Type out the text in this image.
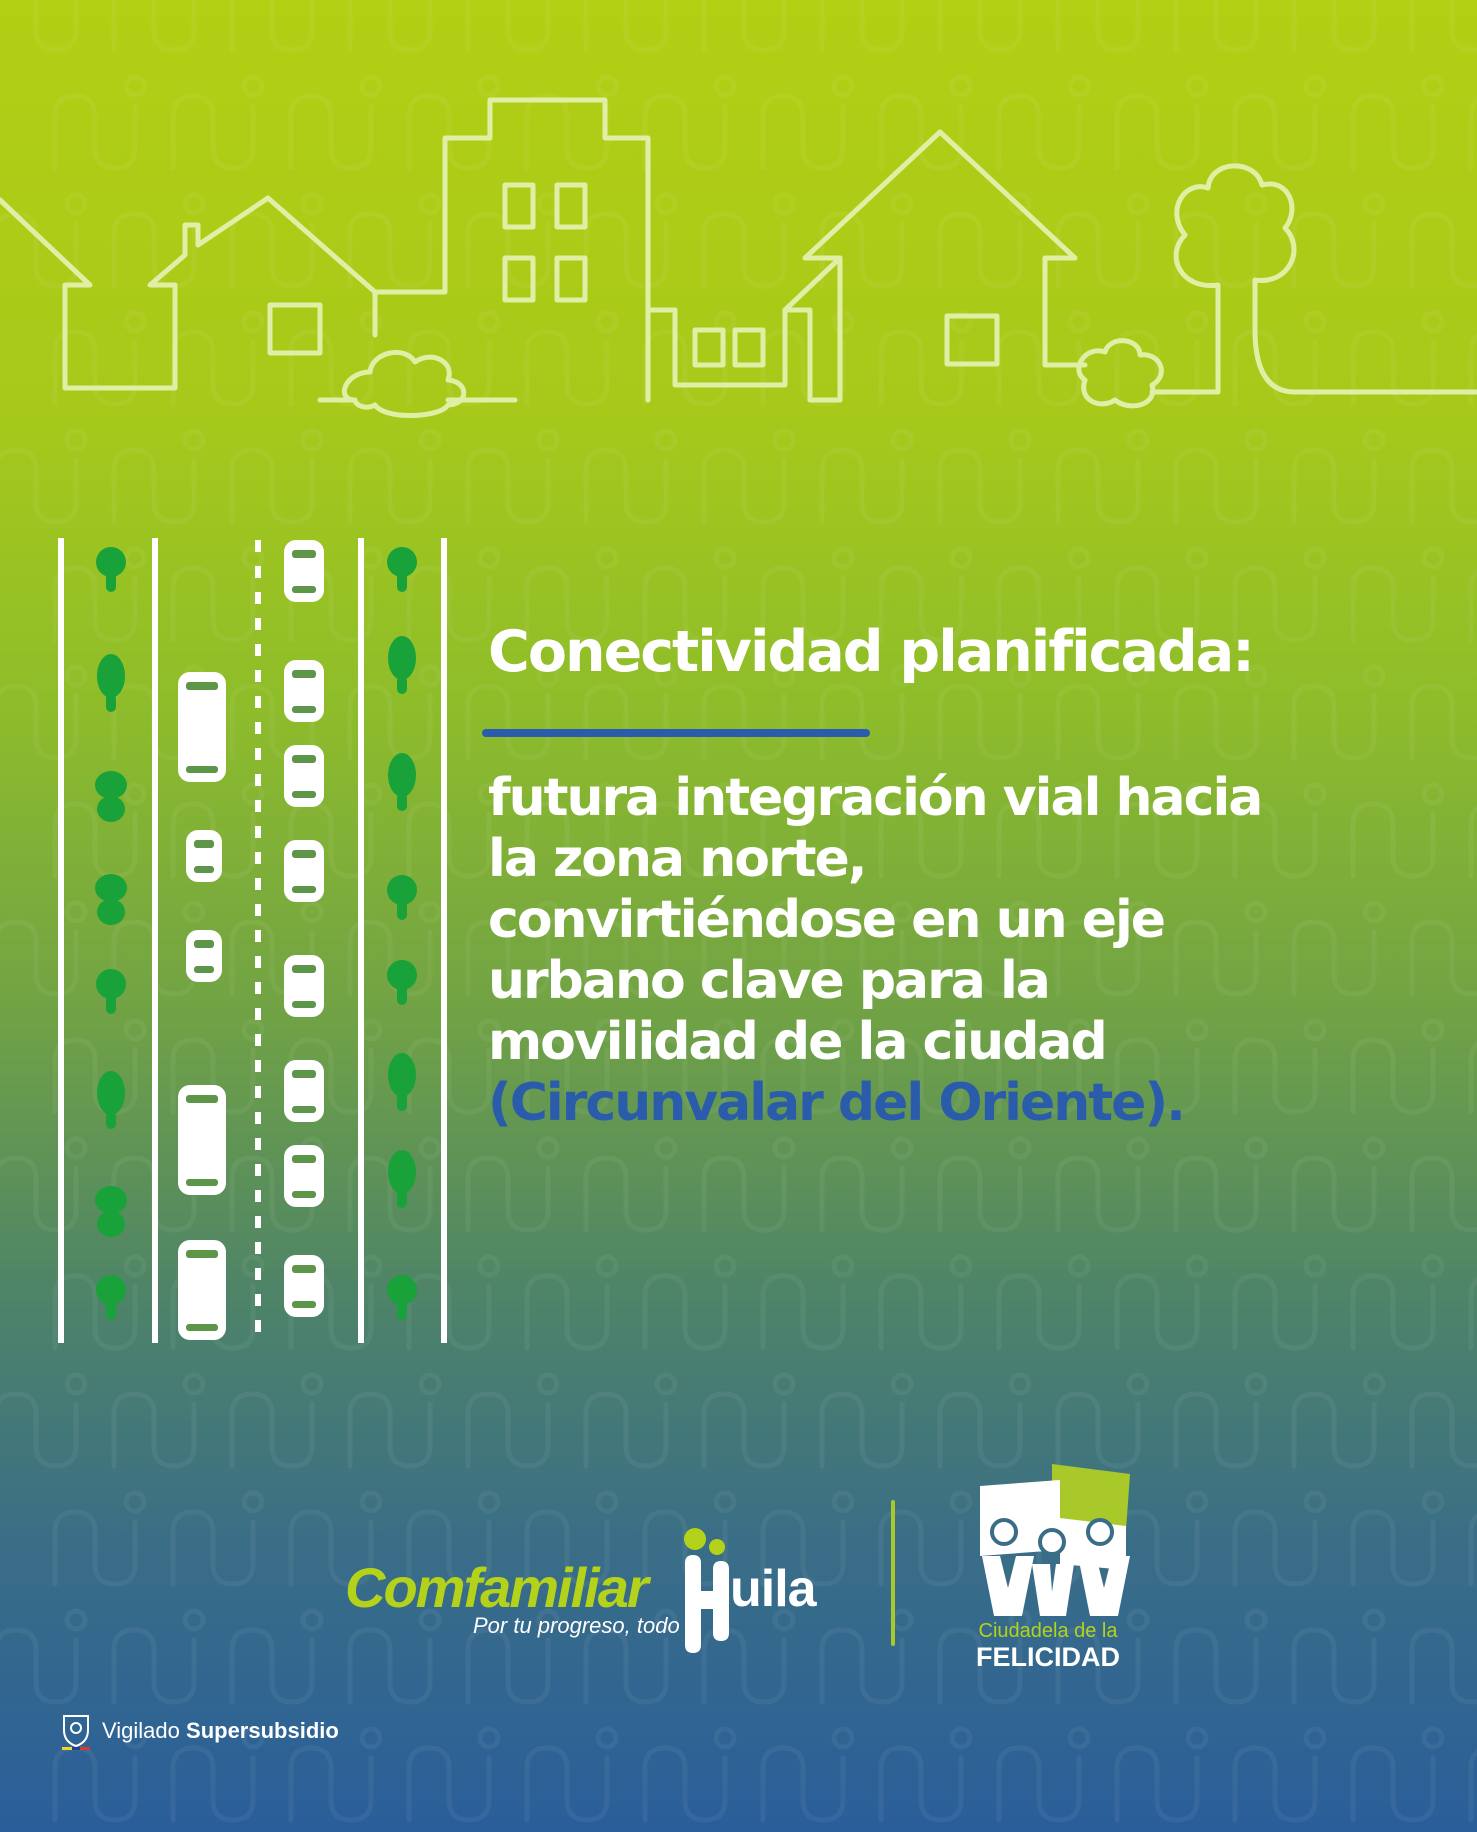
Conectividad planificada:

futura integración vial hacia
la zona norte,
convirtiéndose en un eje
urbano clave para la
movilidad de la ciudad
(Circunvalar del Oriente).

Comfamiliar uila
Por tu progreso, todo	Ciudadela de la
FELICIDAD
Vigilado Supersubsidio
